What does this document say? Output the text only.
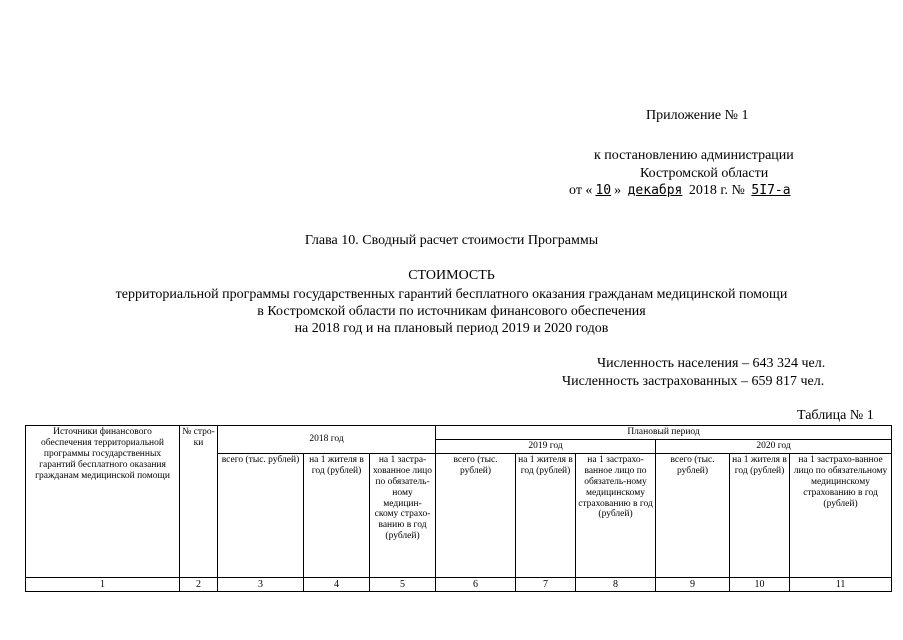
Приложение № 1
к постановлению администрации
Костромской области
от « 10 » декабря 2018 г. № 5I7-а
Глава 10. Сводный расчет стоимости Программы
СТОИМОСТЬ
территориальной программы государственных гарантий бесплатного оказания гражданам медицинской помощи
в Костромской области по источникам финансового обеспечения
на 2018 год и на плановый период 2019 и 2020 годов
Численность населения – 643 324 чел.
Численность застрахованных – 659 817 чел.
Таблица № 1
Источники финансового обеспечения территориальной программы государственных гарантий бесплатного оказания гражданам медицинской помощи	№ стро-ки	2018 год			Плановый период					
					2019 год			2020 год		
		всего (тыс. рублей)	на 1 жителя в год (рублей)	на 1 застра-хованное лицо по обязатель-ному медицин-скому страхо-ванию в год (рублей)	всего (тыс. рублей)	на 1 жителя в год (рублей)	на 1 застрахо-ванное лицо по обязатель-ному медицинскому страхованию в год (рублей)	всего (тыс. рублей)	на 1 жителя в год (рублей)	на 1 застрахо-ванное лицо по обязательному медицинскому страхованию в год (рублей)
1	2	3	4	5	6	7	8	9	10	11
